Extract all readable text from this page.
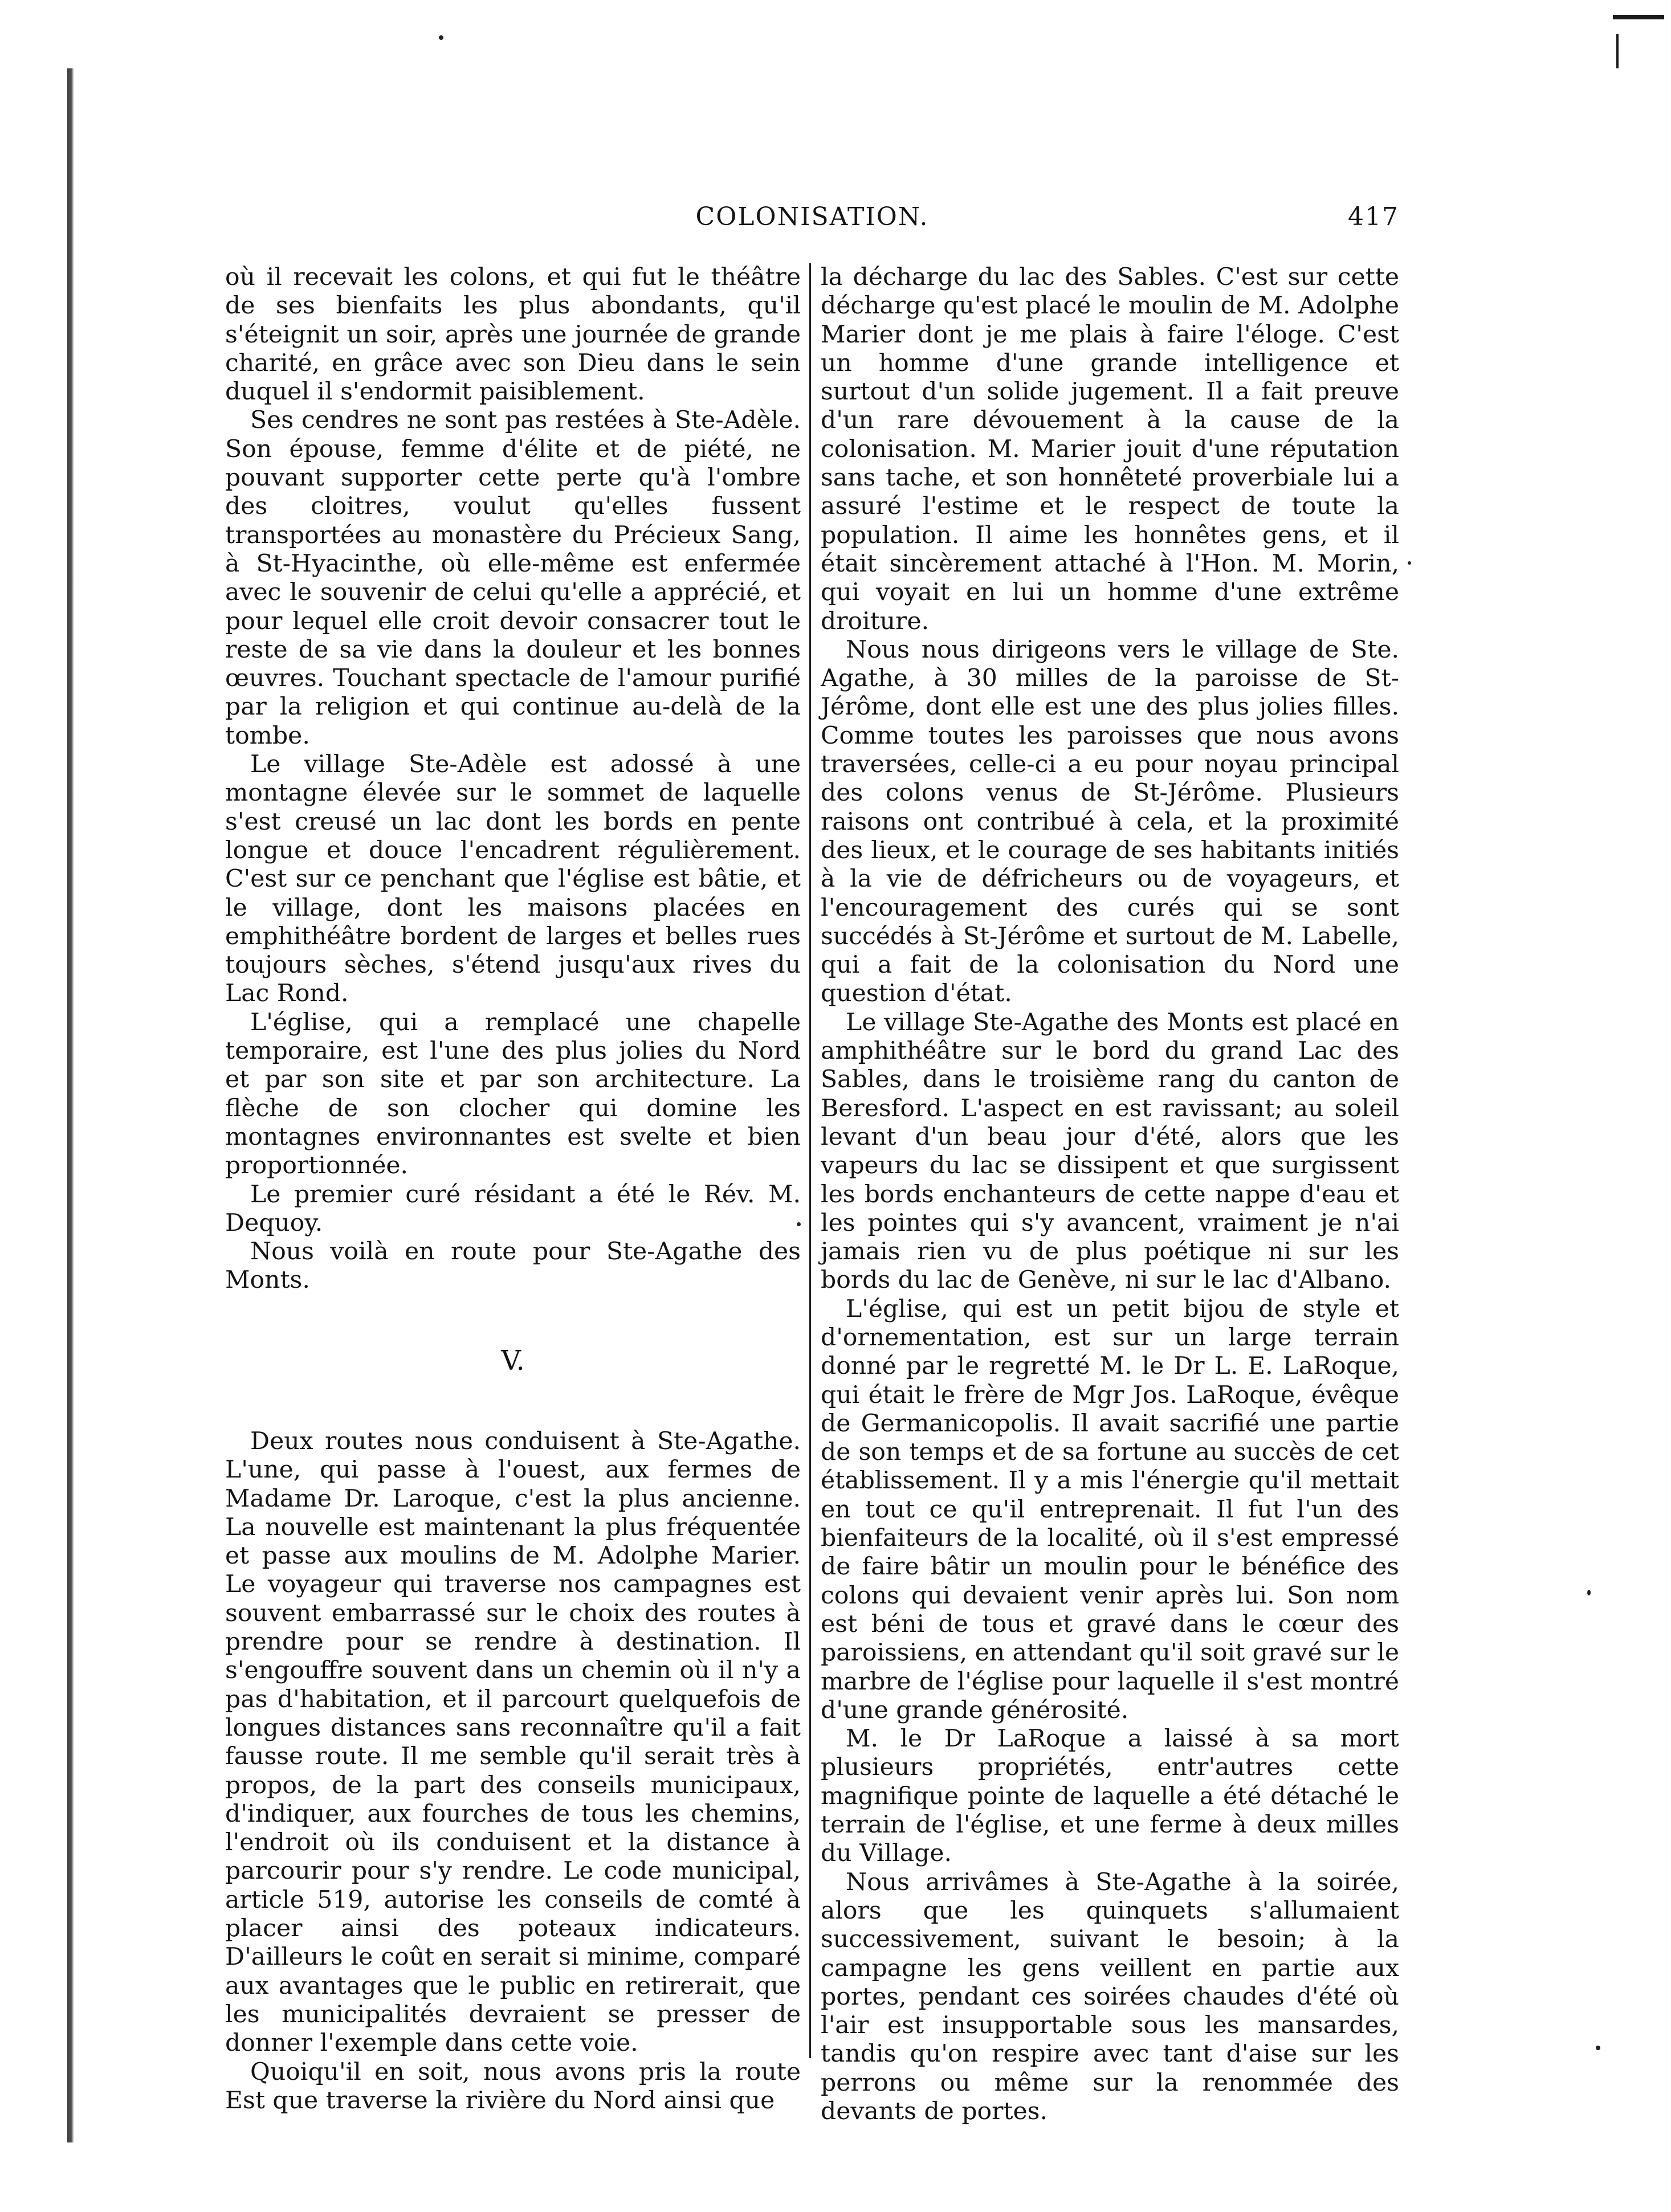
COLONISATION.	417

où il recevait les colons, et qui fut le théâtre de ses bienfaits les plus abondants, qu'il s'éteignit un soir, après une journée de grande charité, en grâce avec son Dieu dans le sein duquel il s'endormit paisiblement.

Ses cendres ne sont pas restées à Ste-Adèle. Son épouse, femme d'élite et de piété, ne pouvant supporter cette perte qu'à l'ombre des cloitres, voulut qu'elles fussent transportées au monastère du Précieux Sang, à St-Hyacinthe, où elle-même est enfermée avec le souvenir de celui qu'elle a apprécié, et pour lequel elle croit devoir consacrer tout le reste de sa vie dans la douleur et les bonnes œuvres. Touchant spectacle de l'amour purifié par la religion et qui continue au-delà de la tombe.

Le village Ste-Adèle est adossé à une montagne élevée sur le sommet de laquelle s'est creusé un lac dont les bords en pente longue et douce l'encadrent régulièrement. C'est sur ce penchant que l'église est bâtie, et le village, dont les maisons placées en emphithéâtre bordent de larges et belles rues toujours sèches, s'étend jusqu'aux rives du Lac Rond.

L'église, qui a remplacé une chapelle temporaire, est l'une des plus jolies du Nord et par son site et par son architecture. La flèche de son clocher qui domine les montagnes environnantes est svelte et bien proportionnée.

Le premier curé résidant a été le Rév. M. Dequoy.

Nous voilà en route pour Ste-Agathe des Monts.

V.

Deux routes nous conduisent à Ste-Agathe. L'une, qui passe à l'ouest, aux fermes de Madame Dr. Laroque, c'est la plus ancienne. La nouvelle est maintenant la plus fréquentée et passe aux moulins de M. Adolphe Marier. Le voyageur qui traverse nos campagnes est souvent embarrassé sur le choix des routes à prendre pour se rendre à destination. Il s'engouffre souvent dans un chemin où il n'y a pas d'habitation, et il parcourt quelquefois de longues distances sans reconnaître qu'il a fait fausse route. Il me semble qu'il serait très à propos, de la part des conseils municipaux, d'indiquer, aux fourches de tous les chemins, l'endroit où ils conduisent et la distance à parcourir pour s'y rendre. Le code municipal, article 519, autorise les conseils de comté à placer ainsi des poteaux indicateurs. D'ailleurs le coût en serait si minime, comparé aux avantages que le public en retirerait, que les municipalités devraient se presser de donner l'exemple dans cette voie.

Quoiqu'il en soit, nous avons pris la route Est que traverse la rivière du Nord ainsi que

la décharge du lac des Sables. C'est sur cette décharge qu'est placé le moulin de M. Adolphe Marier dont je me plais à faire l'éloge. C'est un homme d'une grande intelligence et surtout d'un solide jugement. Il a fait preuve d'un rare dévouement à la cause de la colonisation. M. Marier jouit d'une réputation sans tache, et son honnêteté proverbiale lui a assuré l'estime et le respect de toute la population. Il aime les honnêtes gens, et il était sincèrement attaché à l'Hon. M. Morin, qui voyait en lui un homme d'une extrême droiture.

Nous nous dirigeons vers le village de Ste. Agathe, à 30 milles de la paroisse de St-Jérôme, dont elle est une des plus jolies filles. Comme toutes les paroisses que nous avons traversées, celle-ci a eu pour noyau principal des colons venus de St-Jérôme. Plusieurs raisons ont contribué à cela, et la proximité des lieux, et le courage de ses habitants initiés à la vie de défricheurs ou de voyageurs, et l'encouragement des curés qui se sont succédés à St-Jérôme et surtout de M. Labelle, qui a fait de la colonisation du Nord une question d'état.

Le village Ste-Agathe des Monts est placé en amphithéâtre sur le bord du grand Lac des Sables, dans le troisième rang du canton de Beresford. L'aspect en est ravissant; au soleil levant d'un beau jour d'été, alors que les vapeurs du lac se dissipent et que surgissent les bords enchanteurs de cette nappe d'eau et les pointes qui s'y avancent, vraiment je n'ai jamais rien vu de plus poétique ni sur les bords du lac de Genève, ni sur le lac d'Albano.

L'église, qui est un petit bijou de style et d'ornementation, est sur un large terrain donné par le regretté M. le Dr L. E. LaRoque, qui était le frère de Mgr Jos. LaRoque, évêque de Germanicopolis. Il avait sacrifié une partie de son temps et de sa fortune au succès de cet établissement. Il y a mis l'énergie qu'il mettait en tout ce qu'il entreprenait. Il fut l'un des bienfaiteurs de la localité, où il s'est empressé de faire bâtir un moulin pour le bénéfice des colons qui devaient venir après lui. Son nom est béni de tous et gravé dans le cœur des paroissiens, en attendant qu'il soit gravé sur le marbre de l'église pour laquelle il s'est montré d'une grande générosité.

M. le Dr LaRoque a laissé à sa mort plusieurs propriétés, entr'autres cette magnifique pointe de laquelle a été détaché le terrain de l'église, et une ferme à deux milles du Village.

Nous arrivâmes à Ste-Agathe à la soirée, alors que les quinquets s'allumaient successivement, suivant le besoin; à la campagne les gens veillent en partie aux portes, pendant ces soirées chaudes d'été où l'air est insupportable sous les mansardes, tandis qu'on respire avec tant d'aise sur les perrons ou même sur la renommée des devants de portes.
